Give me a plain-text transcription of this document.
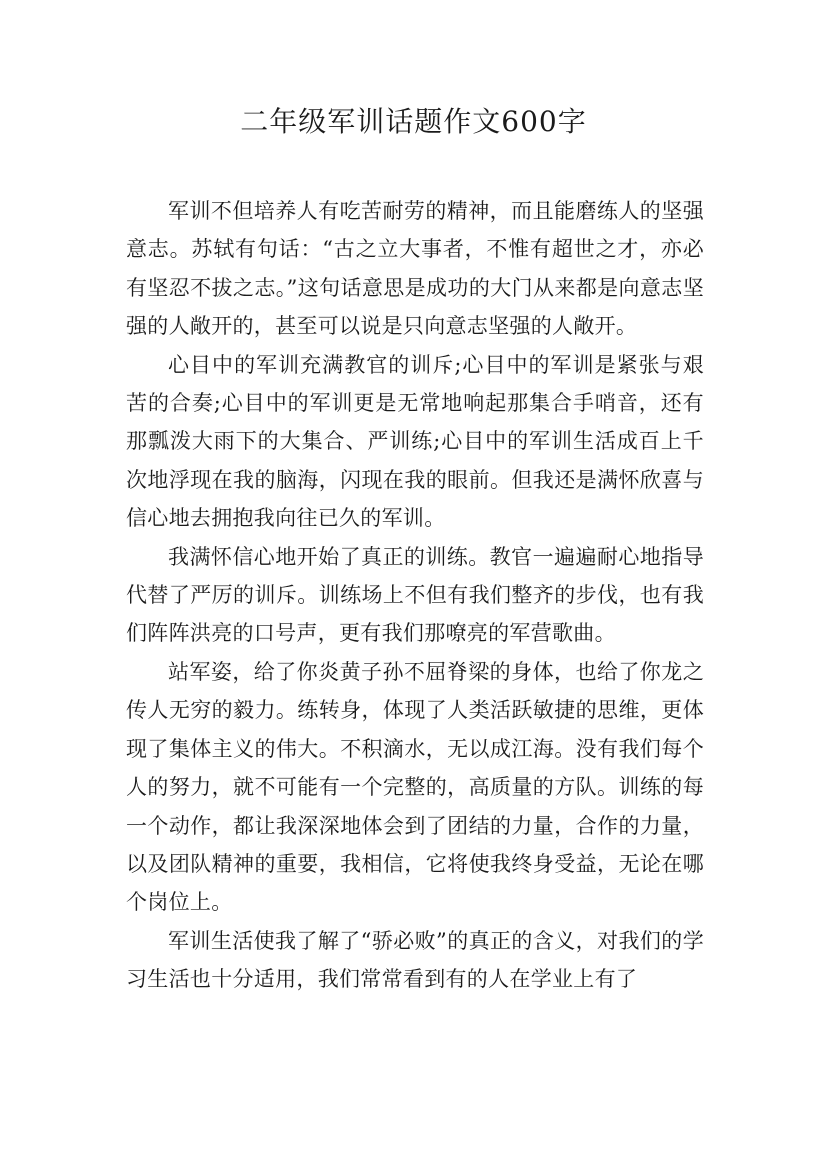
二年级军训话题作文600字

军训不但培养人有吃苦耐劳的精神，而且能磨练人的坚强意志。苏轼有句话：“古之立大事者，不惟有超世之才，亦必有坚忍不拔之志。”这句话意思是成功的大门从来都是向意志坚强的人敞开的，甚至可以说是只向意志坚强的人敞开。

心目中的军训充满教官的训斥;心目中的军训是紧张与艰苦的合奏;心目中的军训更是无常地响起那集合手哨音，还有那瓢泼大雨下的大集合、严训练;心目中的军训生活成百上千次地浮现在我的脑海，闪现在我的眼前。但我还是满怀欣喜与信心地去拥抱我向往已久的军训。

我满怀信心地开始了真正的训练。教官一遍遍耐心地指导代替了严厉的训斥。训练场上不但有我们整齐的步伐，也有我们阵阵洪亮的口号声，更有我们那嘹亮的军营歌曲。

站军姿，给了你炎黄子孙不屈脊梁的身体，也给了你龙之传人无穷的毅力。练转身，体现了人类活跃敏捷的思维，更体现了集体主义的伟大。不积滴水，无以成江海。没有我们每个人的努力，就不可能有一个完整的，高质量的方队。训练的每一个动作，都让我深深地体会到了团结的力量，合作的力量，以及团队精神的重要，我相信，它将使我终身受益，无论在哪个岗位上。

军训生活使我了解了“骄必败”的真正的含义，对我们的学习生活也十分适用，我们常常看到有的人在学业上有了
